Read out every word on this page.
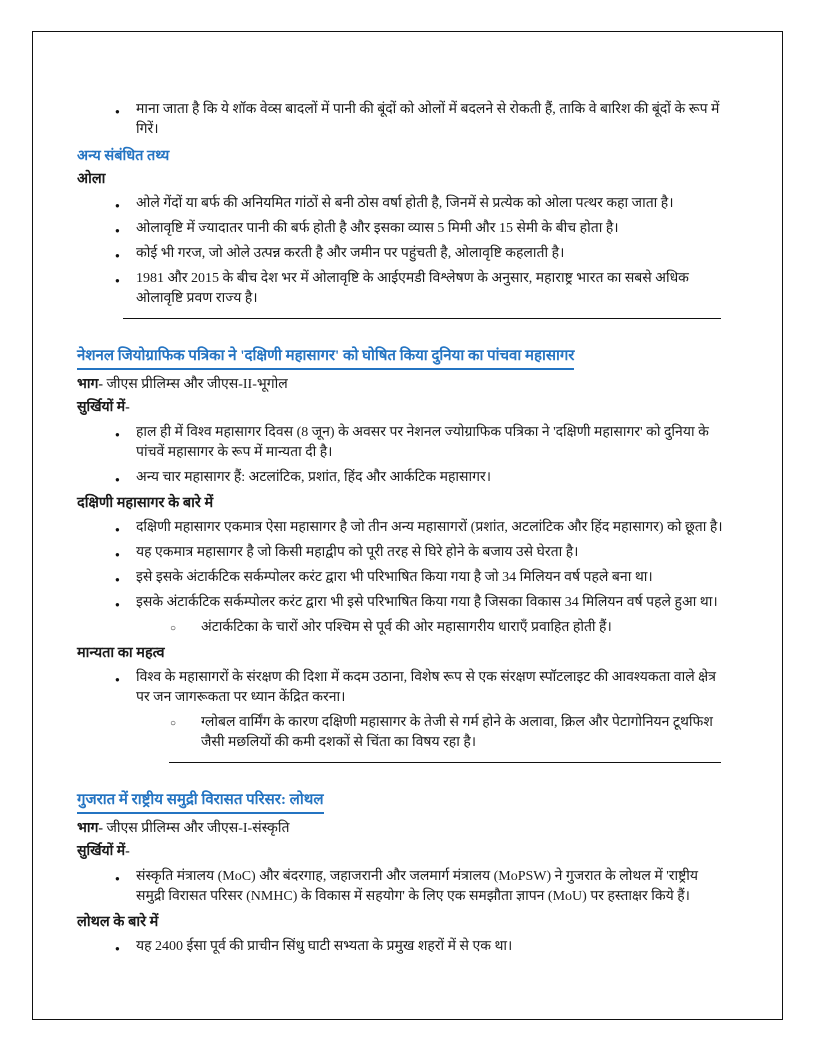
● माना जाता है कि ये शॉक वेव्स बादलों में पानी की बूंदों को ओलों में बदलने से रोकती हैं, ताकि वे बारिश की बूंदों के रूप में गिरें।
अन्य संबंधित तथ्य
ओला
● ओले गेंदों या बर्फ की अनियमित गांठों से बनी ठोस वर्षा होती है, जिनमें से प्रत्येक को ओला पत्थर कहा जाता है।
● ओलावृष्टि में ज्यादातर पानी की बर्फ होती है और इसका व्यास 5 मिमी और 15 सेमी के बीच होता है।
● कोई भी गरज, जो ओले उत्पन्न करती है और जमीन पर पहुंचती है, ओलावृष्टि कहलाती है।
● 1981 और 2015 के बीच देश भर में ओलावृष्टि के आईएमडी विश्लेषण के अनुसार, महाराष्ट्र भारत का सबसे अधिक ओलावृष्टि प्रवण राज्य है।
नेशनल जियोग्राफिक पत्रिका ने 'दक्षिणी महासागर' को घोषित किया दुनिया का पांचवा महासागर
भाग- जीएस प्रीलिम्स और जीएस-II-भूगोल
सुर्खियों में-
● हाल ही में विश्व महासागर दिवस (8 जून) के अवसर पर नेशनल ज्योग्राफिक पत्रिका ने 'दक्षिणी महासागर' को दुनिया के पांचवें महासागर के रूप में मान्यता दी है।
● अन्य चार महासागर हैं: अटलांटिक, प्रशांत, हिंद और आर्कटिक महासागर।
दक्षिणी महासागर के बारे में
● दक्षिणी महासागर एकमात्र ऐसा महासागर है जो तीन अन्य महासागरों (प्रशांत, अटलांटिक और हिंद महासागर) को छूता है।
● यह एकमात्र महासागर है जो किसी महाद्वीप को पूरी तरह से घिरे होने के बजाय उसे घेरता है।
● इसे इसके अंटार्कटिक सर्कम्पोलर करंट द्वारा भी परिभाषित किया गया है जो 34 मिलियन वर्ष पहले बना था।
● इसके अंटार्कटिक सर्कम्पोलर करंट द्वारा भी इसे परिभाषित किया गया है जिसका विकास 34 मिलियन वर्ष पहले हुआ था।
○ अंटार्कटिका के चारों ओर पश्चिम से पूर्व की ओर महासागरीय धाराएँ प्रवाहित होती हैं।
मान्यता का महत्व
● विश्व के महासागरों के संरक्षण की दिशा में कदम उठाना, विशेष रूप से एक संरक्षण स्पॉटलाइट की आवश्यकता वाले क्षेत्र पर जन जागरूकता पर ध्यान केंद्रित करना।
○ ग्लोबल वार्मिंग के कारण दक्षिणी महासागर के तेजी से गर्म होने के अलावा, क्रिल और पेटागोनियन टूथफिश जैसी मछलियों की कमी दशकों से चिंता का विषय रहा है।
गुजरात में राष्ट्रीय समुद्री विरासत परिसर: लोथल
भाग- जीएस प्रीलिम्स और जीएस-I-संस्कृति
सुर्खियों में-
● संस्कृति मंत्रालय (MoC) और बंदरगाह, जहाजरानी और जलमार्ग मंत्रालय (MoPSW) ने गुजरात के लोथल में 'राष्ट्रीय समुद्री विरासत परिसर (NMHC) के विकास में सहयोग' के लिए एक समझौता ज्ञापन (MoU) पर हस्ताक्षर किये हैं।
लोथल के बारे में
● यह 2400 ईसा पूर्व की प्राचीन सिंधु घाटी सभ्यता के प्रमुख शहरों में से एक था।
